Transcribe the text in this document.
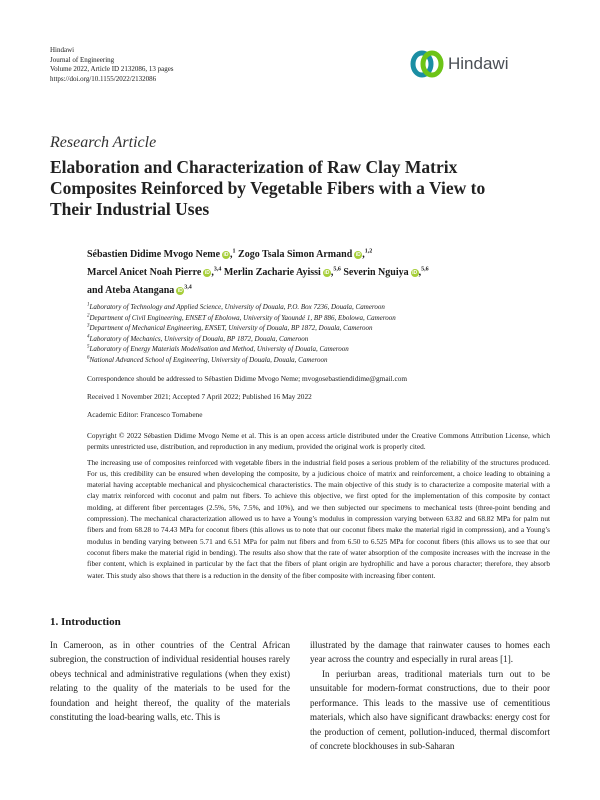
Hindawi
Journal of Engineering
Volume 2022, Article ID 2132086, 13 pages
https://doi.org/10.1155/2022/2132086
Hindawi
Research Article
Elaboration and Characterization of Raw Clay Matrix Composites Reinforced by Vegetable Fibers with a View to Their Industrial Uses
Sébastien Didime Mvogo Neme iD ,$^1$ Zogo Tsala Simon Armand iD ,$^{1,2}$
Marcel Anicet Noah Pierre iD ,$^{3,4}$ Merlin Zacharie Ayissi iD ,$^{5,6}$ Severin Nguiya iD ,$^{5,6}$
and Ateba Atangana iD$^{3,4}$
$^1$Laboratory of Technology and Applied Science, University of Douala, P.O. Box 7236, Douala, Cameroon
$^2$Department of Civil Engineering, ENSET of Ebolowa, University of Yaoundé 1, BP 886, Ebolowa, Cameroon
$^3$Department of Mechanical Engineering, ENSET, University of Douala, BP 1872, Douala, Cameroon
$^4$Laboratory of Mechanics, University of Douala, BP 1872, Douala, Cameroon
$^5$Laboratory of Energy Materials Modelisation and Method, University of Douala, Cameroon
$^6$National Advanced School of Engineering, University of Douala, Douala, Cameroon
Correspondence should be addressed to Sébastien Didime Mvogo Neme; mvogosebastiendidime@gmail.com
Received 1 November 2021; Accepted 7 April 2022; Published 16 May 2022
Academic Editor: Francesco Tornabene
Copyright © 2022 Sébastien Didime Mvogo Neme et al. This is an open access article distributed under the Creative Commons Attribution License, which permits unrestricted use, distribution, and reproduction in any medium, provided the original work is properly cited.
The increasing use of composites reinforced with vegetable fibers in the industrial field poses a serious problem of the reliability of the structures produced. For us, this credibility can be ensured when developing the composite, by a judicious choice of matrix and reinforcement, a choice leading to obtaining a material having acceptable mechanical and physicochemical characteristics. The main objective of this study is to characterize a composite material with a clay matrix reinforced with coconut and palm nut fibers. To achieve this objective, we first opted for the implementation of this composite by contact molding, at different fiber percentages (2.5%, 5%, 7.5%, and 10%), and we then subjected our specimens to mechanical tests (three-point bending and compression). The mechanical characterization allowed us to have a Young’s modulus in compression varying between 63.82 and 68.82 MPa for palm nut fibers and from 68.28 to 74.43 MPa for coconut fibers (this allows us to note that our coconut fibers make the material rigid in compression), and a Young’s modulus in bending varying between 5.71 and 6.51 MPa for palm nut fibers and from 6.50 to 6.525 MPa for coconut fibers (this allows us to see that our coconut fibers make the material rigid in bending). The results also show that the rate of water absorption of the composite increases with the increase in the fiber content, which is explained in particular by the fact that the fibers of plant origin are hydrophilic and have a porous character; therefore, they absorb water. This study also shows that there is a reduction in the density of the fiber composite with increasing fiber content.
1. Introduction
In Cameroon, as in other countries of the Central African subregion, the construction of individual residential houses rarely obeys technical and administrative regulations (when they exist) relating to the quality of the materials to be used for the foundation and height thereof, the quality of the materials constituting the load-bearing walls, etc. This is
illustrated by the damage that rainwater causes to homes each year across the country and especially in rural areas [1].
In periurban areas, traditional materials turn out to be unsuitable for modern-format constructions, due to their poor performance. This leads to the massive use of cementitious materials, which also have significant drawbacks: energy cost for the production of cement, pollution-induced, thermal discomfort of concrete blockhouses in sub-Saharan
